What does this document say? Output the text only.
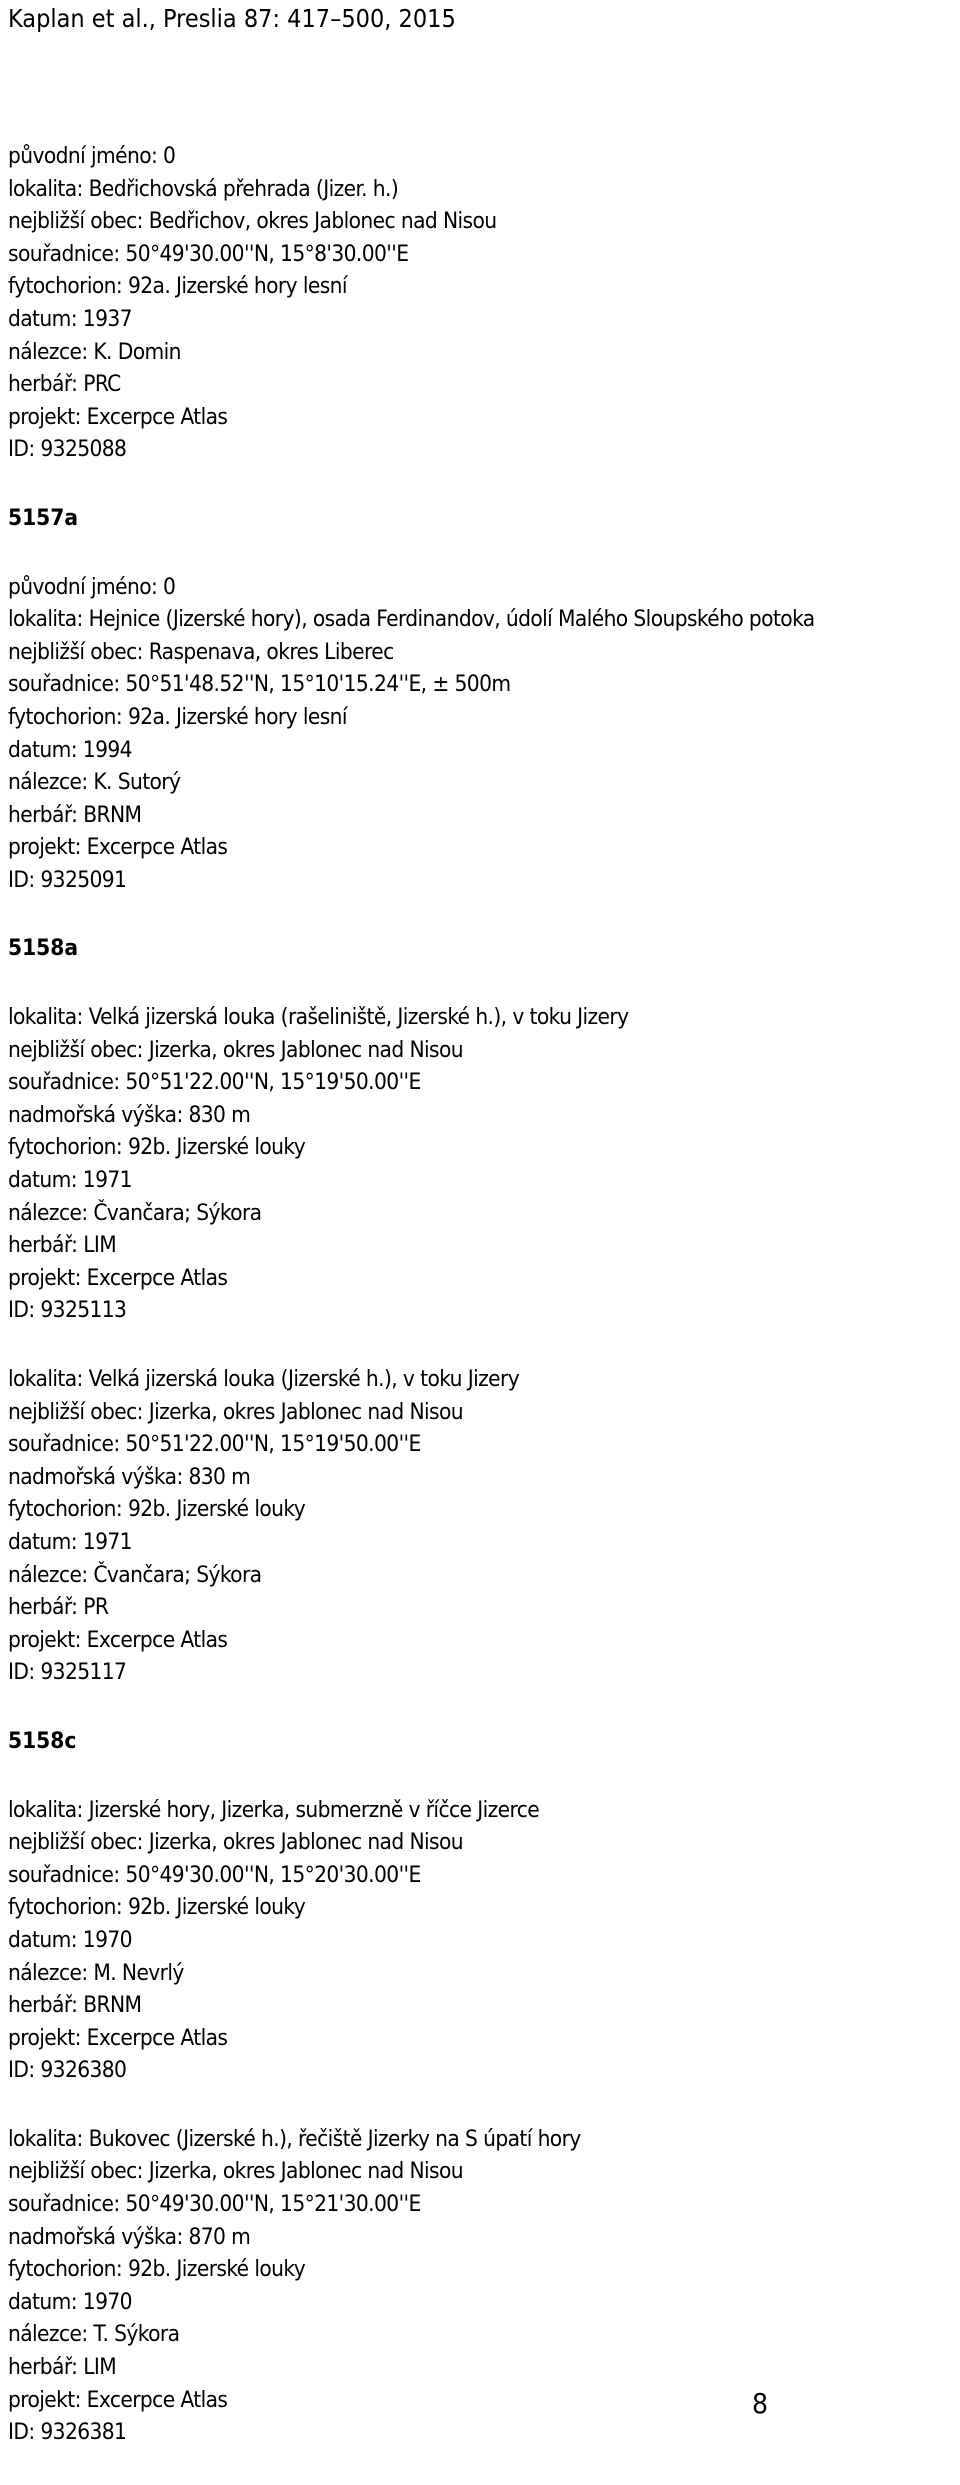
Kaplan et al., Preslia 87: 417–500, 2015
původní jméno: 0
lokalita: Bedřichovská přehrada (Jizer. h.)
nejbližší obec: Bedřichov, okres Jablonec nad Nisou
souřadnice: 50°49'30.00''N, 15°8'30.00''E
fytochorion: 92a. Jizerské hory lesní
datum: 1937
nálezce: K. Domin
herbář: PRC
projekt: Excerpce Atlas
ID: 9325088
5157a
původní jméno: 0
lokalita: Hejnice (Jizerské hory), osada Ferdinandov, údolí Malého Sloupského potoka
nejbližší obec: Raspenava, okres Liberec
souřadnice: 50°51'48.52''N, 15°10'15.24''E, ± 500m
fytochorion: 92a. Jizerské hory lesní
datum: 1994
nálezce: K. Sutorý
herbář: BRNM
projekt: Excerpce Atlas
ID: 9325091
5158a
lokalita: Velká jizerská louka (rašeliniště, Jizerské h.), v toku Jizery
nejbližší obec: Jizerka, okres Jablonec nad Nisou
souřadnice: 50°51'22.00''N, 15°19'50.00''E
nadmořská výška: 830 m
fytochorion: 92b. Jizerské louky
datum: 1971
nálezce: Čvančara; Sýkora
herbář: LIM
projekt: Excerpce Atlas
ID: 9325113
lokalita: Velká jizerská louka (Jizerské h.), v toku Jizery
nejbližší obec: Jizerka, okres Jablonec nad Nisou
souřadnice: 50°51'22.00''N, 15°19'50.00''E
nadmořská výška: 830 m
fytochorion: 92b. Jizerské louky
datum: 1971
nálezce: Čvančara; Sýkora
herbář: PR
projekt: Excerpce Atlas
ID: 9325117
5158c
lokalita: Jizerské hory, Jizerka, submerzně v říčce Jizerce
nejbližší obec: Jizerka, okres Jablonec nad Nisou
souřadnice: 50°49'30.00''N, 15°20'30.00''E
fytochorion: 92b. Jizerské louky
datum: 1970
nálezce: M. Nevrlý
herbář: BRNM
projekt: Excerpce Atlas
ID: 9326380
lokalita: Bukovec (Jizerské h.), řečiště Jizerky na S úpatí hory
nejbližší obec: Jizerka, okres Jablonec nad Nisou
souřadnice: 50°49'30.00''N, 15°21'30.00''E
nadmořská výška: 870 m
fytochorion: 92b. Jizerské louky
datum: 1970
nálezce: T. Sýkora
herbář: LIM
projekt: Excerpce Atlas
ID: 9326381
8
